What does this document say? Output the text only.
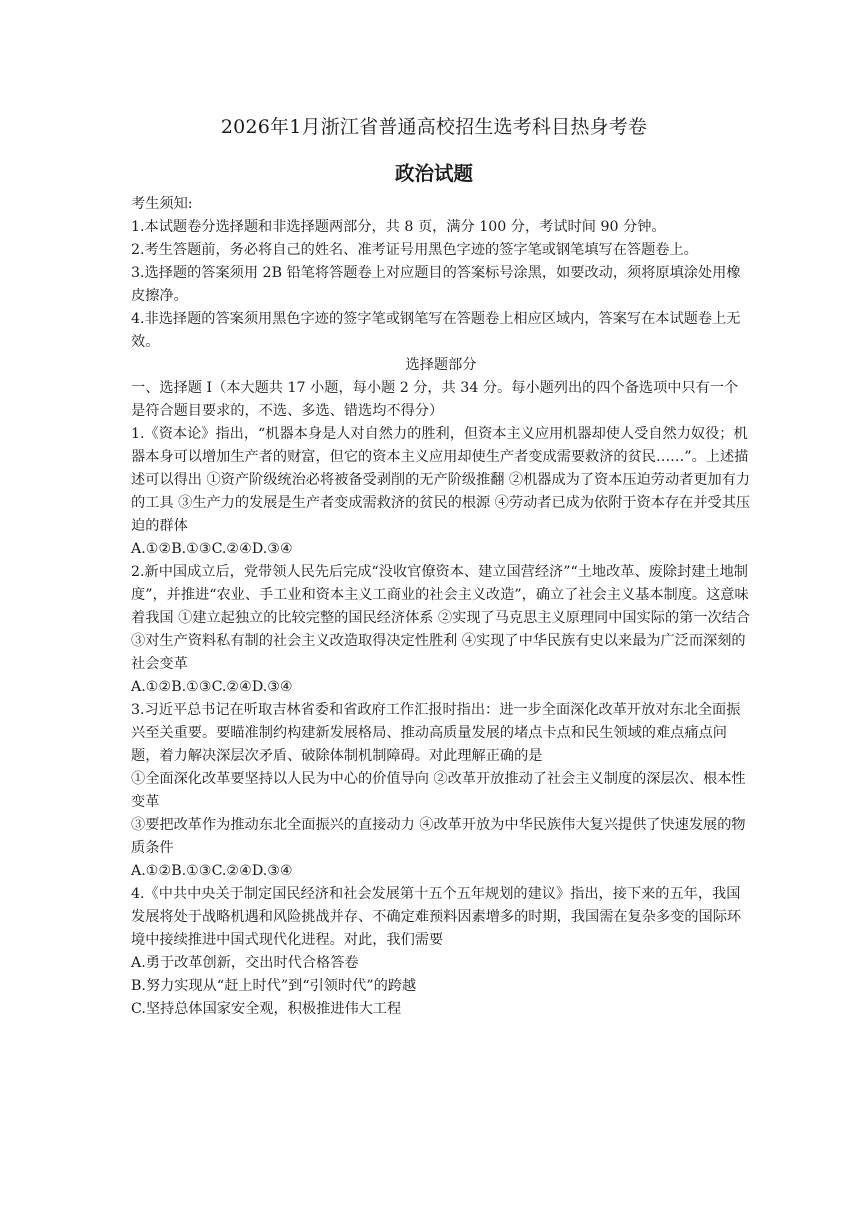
2026年1月浙江省普通高校招生选考科目热身考卷
政治试题

考生须知:

1.本试题卷分选择题和非选择题两部分，共 8 页，满分 100 分，考试时间 90 分钟。

2.考生答题前，务必将自己的姓名、准考证号用黑色字迹的签字笔或钢笔填写在答题卷上。

3.选择题的答案须用 2B 铅笔将答题卷上对应题目的答案标号涂黑，如要改动，须将原填涂处用橡皮擦净。

4.非选择题的答案须用黑色字迹的签字笔或钢笔写在答题卷上相应区域内，答案写在本试题卷上无效。

选择题部分

一、选择题 I（本大题共 17 小题，每小题 2 分，共 34 分。每小题列出的四个备选项中只有一个是符合题目要求的，不选、多选、错选均不得分）

1.《资本论》指出，“机器本身是人对自然力的胜利，但资本主义应用机器却使人受自然力奴役；机器本身可以增加生产者的财富，但它的资本主义应用却使生产者变成需要救济的贫民……”。上述描述可以得出 ①资产阶级统治必将被备受剥削的无产阶级推翻 ②机器成为了资本压迫劳动者更加有力的工具 ③生产力的发展是生产者变成需救济的贫民的根源 ④劳动者已成为依附于资本存在并受其压迫的群体

A.①②B.①③C.②④D.③④

2.新中国成立后，党带领人民先后完成“没收官僚资本、建立国营经济”“土地改革、废除封建土地制度”，并推进“农业、手工业和资本主义工商业的社会主义改造”，确立了社会主义基本制度。这意味着我国 ①建立起独立的比较完整的国民经济体系 ②实现了马克思主义原理同中国实际的第一次结合 ③对生产资料私有制的社会主义改造取得决定性胜利 ④实现了中华民族有史以来最为广泛而深刻的社会变革

A.①②B.①③C.②④D.③④

3.习近平总书记在听取吉林省委和省政府工作汇报时指出：进一步全面深化改革开放对东北全面振兴至关重要。要瞄准制约构建新发展格局、推动高质量发展的堵点卡点和民生领域的难点痛点问题，着力解决深层次矛盾、破除体制机制障碍。对此理解正确的是

①全面深化改革要坚持以人民为中心的价值导向 ②改革开放推动了社会主义制度的深层次、根本性变革

③要把改革作为推动东北全面振兴的直接动力 ④改革开放为中华民族伟大复兴提供了快速发展的物质条件

A.①②B.①③C.②④D.③④

4.《中共中央关于制定国民经济和社会发展第十五个五年规划的建议》指出，接下来的五年，我国发展将处于战略机遇和风险挑战并存、不确定难预料因素增多的时期，我国需在复杂多变的国际环境中接续推进中国式现代化进程。对此，我们需要

A.勇于改革创新，交出时代合格答卷

B.努力实现从“赶上时代”到“引领时代”的跨越

C.坚持总体国家安全观，积极推进伟大工程
